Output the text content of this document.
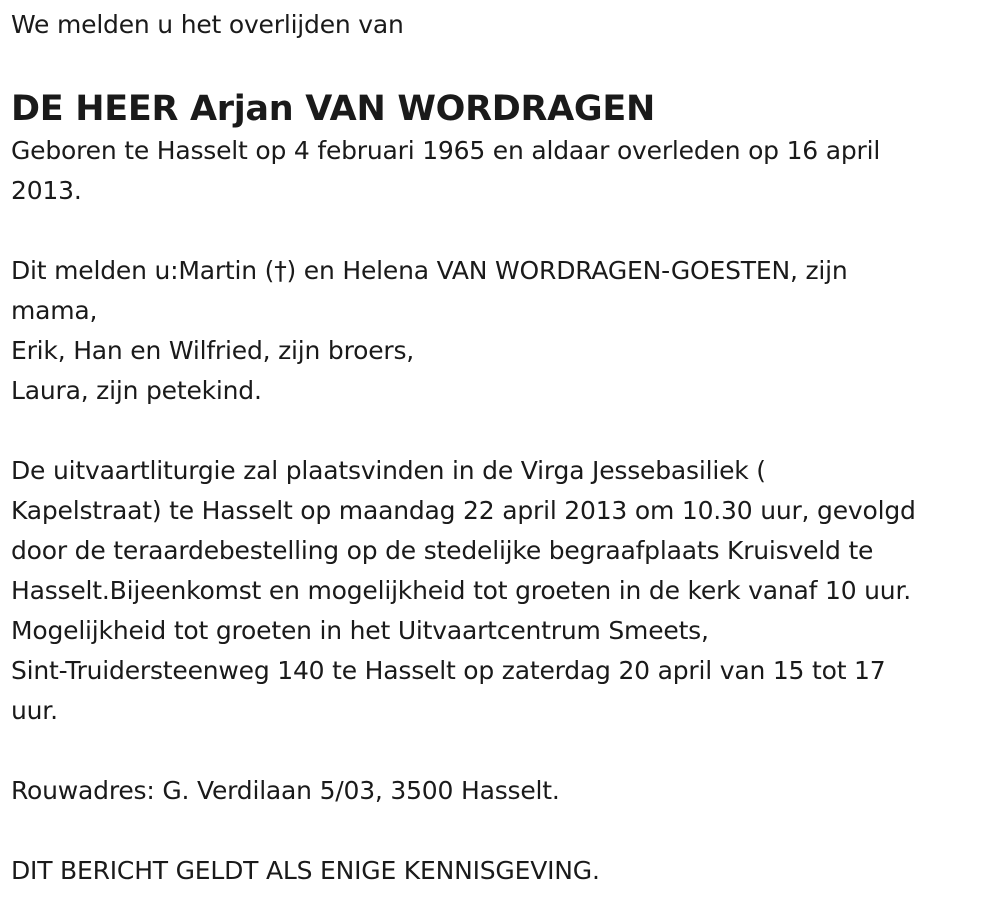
We melden u het overlijden van
DE HEER Arjan VAN WORDRAGEN
Geboren te Hasselt op 4 februari 1965 en aldaar overleden op 16 april
2013.
Dit melden u:Martin (†) en Helena VAN WORDRAGEN-GOESTEN, zijn
mama,
Erik, Han en Wilfried, zijn broers,
Laura, zijn petekind.
De uitvaartliturgie zal plaatsvinden in de Virga Jessebasiliek (
Kapelstraat) te Hasselt op maandag 22 april 2013 om 10.30 uur, gevolgd
door de teraardebestelling op de stedelijke begraafplaats Kruisveld te
Hasselt.Bijeenkomst en mogelijkheid tot groeten in de kerk vanaf 10 uur.
Mogelijkheid tot groeten in het Uitvaartcentrum Smeets,
Sint-Truidersteenweg 140 te Hasselt op zaterdag 20 april van 15 tot 17
uur.
Rouwadres: G. Verdilaan 5/03, 3500 Hasselt.
DIT BERICHT GELDT ALS ENIGE KENNISGEVING.
